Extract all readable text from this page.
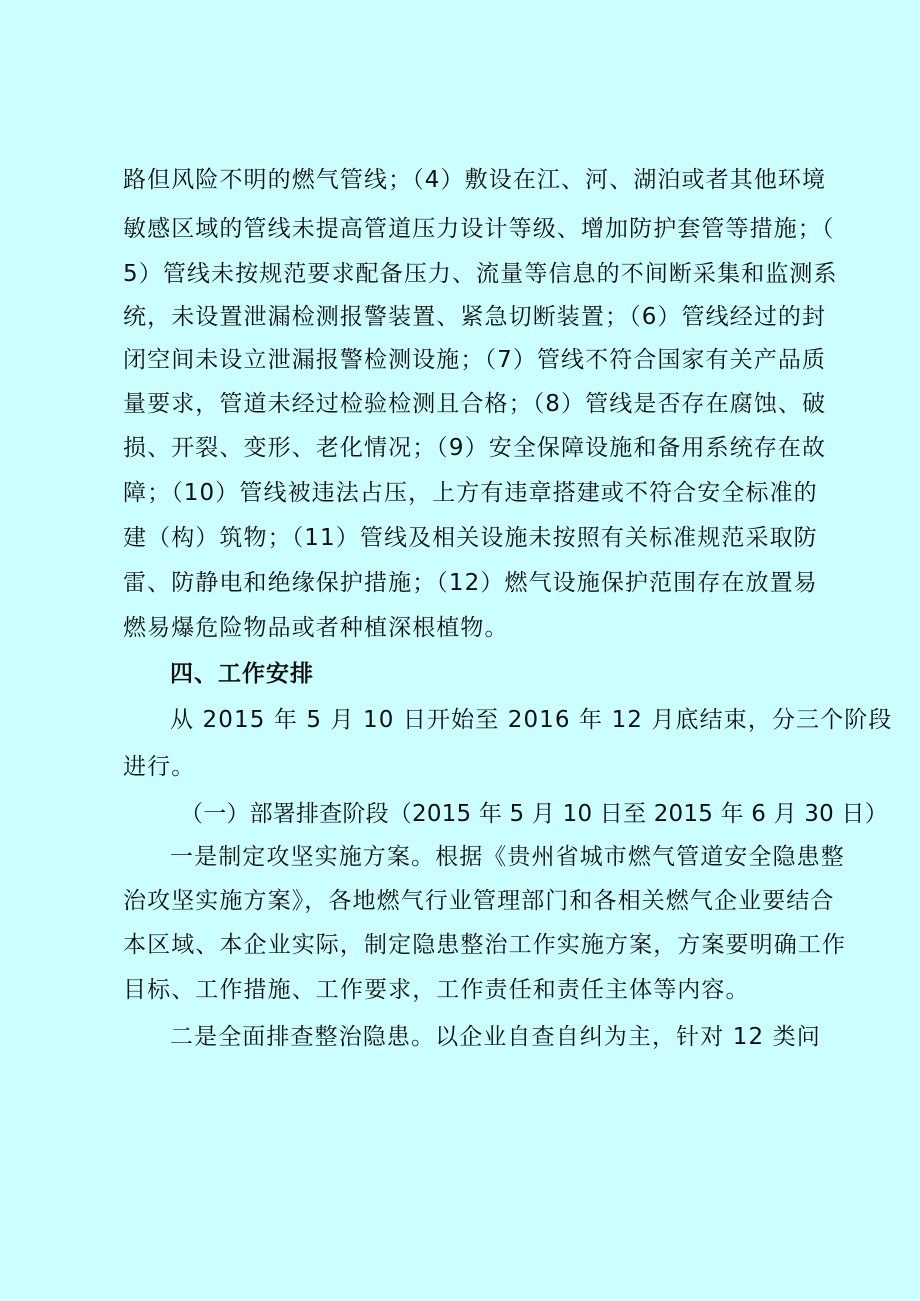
路但风险不明的燃气管线；（4）敷设在江、河、湖泊或者其他环境
敏感区域的管线未提高管道压力设计等级、增加防护套管等措施；（
5）管线未按规范要求配备压力、流量等信息的不间断采集和监测系
统，未设置泄漏检测报警装置、紧急切断装置；（6）管线经过的封
闭空间未设立泄漏报警检测设施；（7）管线不符合国家有关产品质
量要求，管道未经过检验检测且合格；（8）管线是否存在腐蚀、破
损、开裂、变形、老化情况；（9）安全保障设施和备用系统存在故
障；（10）管线被违法占压，上方有违章搭建或不符合安全标准的
建（构）筑物；（11）管线及相关设施未按照有关标准规范采取防
雷、防静电和绝缘保护措施；（12）燃气设施保护范围存在放置易
燃易爆危险物品或者种植深根植物。
四、工作安排
从 2015 年 5 月 10 日开始至 2016 年 12 月底结束，分三个阶段
进行。
（一）部署排查阶段（2015 年 5 月 10 日至 2015 年 6 月 30 日）
一是制定攻坚实施方案。根据《贵州省城市燃气管道安全隐患整
治攻坚实施方案》，各地燃气行业管理部门和各相关燃气企业要结合
本区域、本企业实际，制定隐患整治工作实施方案，方案要明确工作
目标、工作措施、工作要求，工作责任和责任主体等内容。
二是全面排查整治隐患。以企业自查自纠为主，针对 12 类问
